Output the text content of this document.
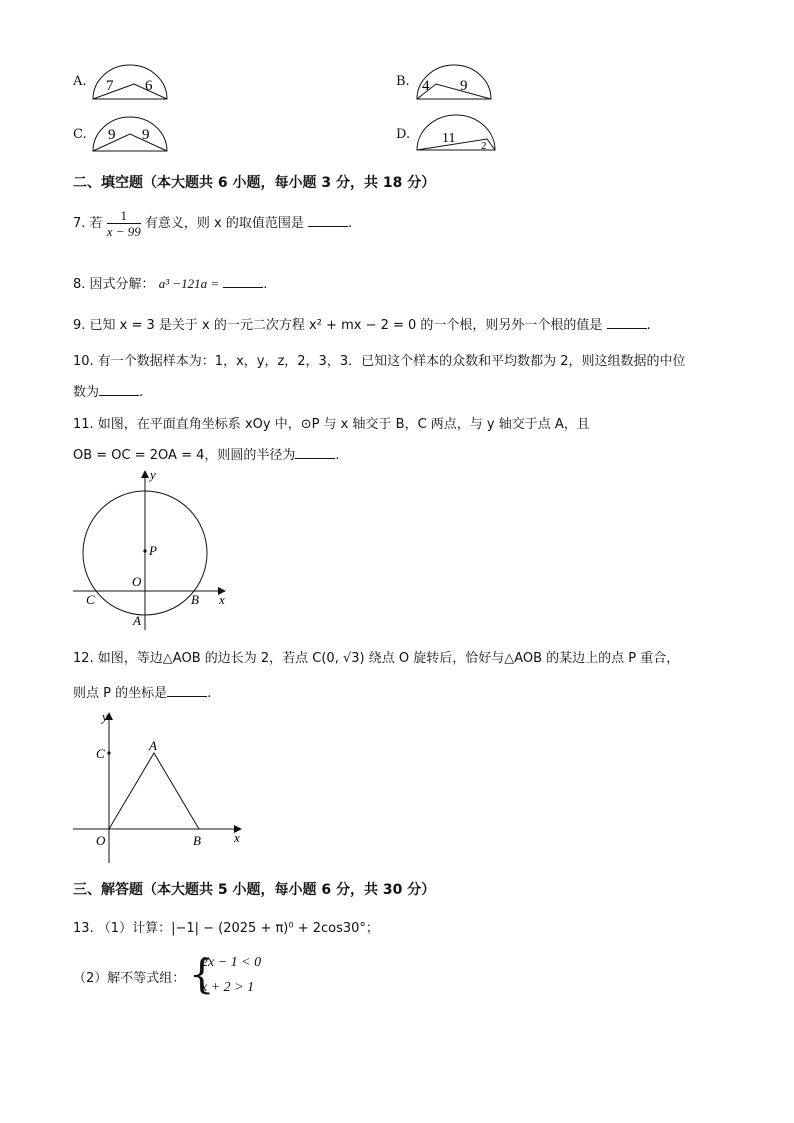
A. 7 6	B. 4 9
C. 9 9	D. 11 2
二、填空题（本大题共 6 小题，每小题 3 分，共 18 分）
7. 若 $\frac{1}{x - 99}$ 有意义，则 x 的取值范围是	.
8. 因式分解： a³ −121a =	.
9. 已知 x = 3 是关于 x 的一元二次方程 x² + mx − 2 = 0 的一个根，则另外一个根的值是	.
10. 有一个数据样本为：1，x，y，z，2，3，3．已知这个样本的众数和平均数都为 2，则这组数据的中位
数为	.
11. 如图，在平面直角坐标系 xOy 中，⊙P 与 x 轴交于 B，C 两点，与 y 轴交于点 A，且
OB = OC = 2OA = 4，则圆的半径为	.
y
P
O
C	B x
A
12. 如图，等边△AOB 的边长为 2，若点 C(0, √3) 绕点 O 旋转后，恰好与△AOB 的某边上的点 P 重合，
则点 P 的坐标是	.
y
C
A
O	B	x
三、解答题（本大题共 5 小题，每小题 6 分，共 30 分）
13. （1）计算：|−1| − (2025 + π)⁰ + 2cos30°；
（2）解不等式组： {
2x − 1 < 0
x + 2 > 1
